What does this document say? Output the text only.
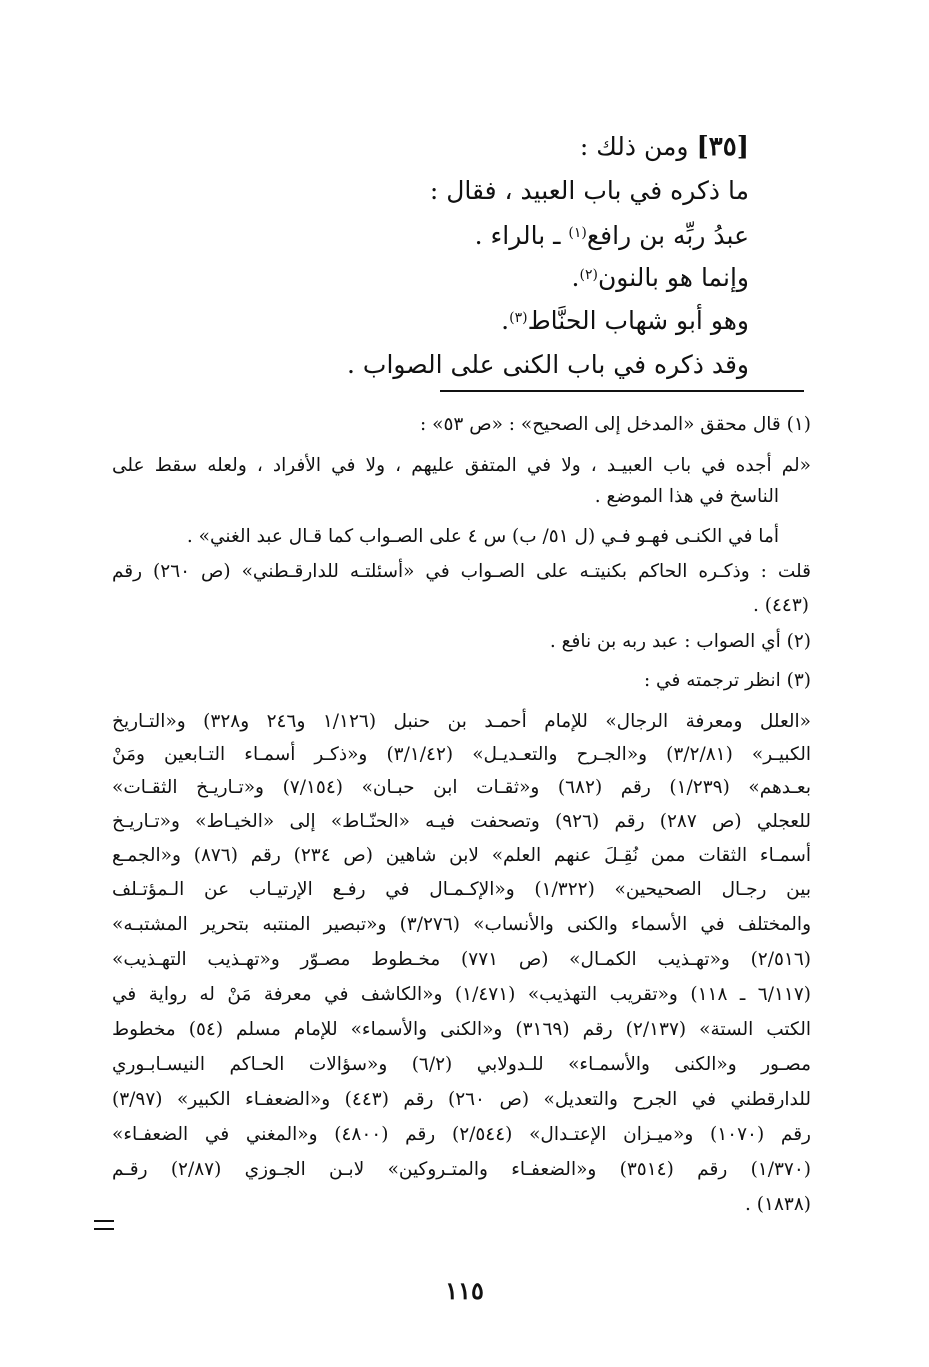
[٣٥] ومن ذلك :
ما ذكره في باب العبيد ، فقال :
عبدُ ربِّه بن رافع$^{(١)}$ ـ بالراء .
وإنما هو بالنون$^{(٢)}$.
وهو أبو شهاب الحنَّاط$^{(٣)}$.
وقد ذكره في باب الكنى على الصواب .
(١) قال محقق «المدخل إلى الصحيح» : «ص ٥٣» :
«لم أجده في باب العبيـد ، ولا في المتفق عليهم ، ولا في الأفراد ، ولعله سقط على
الناسخ في هذا الموضع .
أما في الكنـى فهـو فـي (ل ٥١/ ب) س ٤ على الصـواب كما قـال عبد الغني» .
قلت : وذكـره الحاكم بكنيتـه على الصـواب في «أسئلتـه للدارقـطني» (ص ٢٦٠) رقم
(٤٤٣) .
(٢) أي الصواب : عبد ربه بن نافع .
(٣) انظر ترجمته في :
«العلل ومعرفة الرجال» للإمام أحمـد بن حنبل (١/١٢٦ و٢٤٦ و٣٢٨) و«التـاريخ
الكبيـر» (٣/٢/٨١) و«الجـرح والتعـديـل» (٣/١/٤٢) و«ذكـر أسمـاء التـابعين ومَنْ
بعـدهم» (١/٢٣٩) رقم (٦٨٢) و«ثقـات ابن حبـان» (٧/١٥٤) و«تـاريـخ الثقـات»
للعجلي (ص ٢٨٧) رقم (٩٢٦) وتصحفت فيـه «الحنّـاط» إلى «الخيـاط» و«تـاريـخ
أسمـاء الثقات ممن نُقِـلَ عنهم العلم» لابن شاهين (ص ٢٣٤) رقم (٨٧٦) و«الجمـع
بين رجـال الصحيحين» (١/٣٢٢) و«الإكـمـال في رفـع الإرتيـاب عن الـمؤتـلف
والمختلف في الأسماء والكنى والأنساب» (٣/٢٧٦) و«تبصير المنتبه بتحرير المشتبـه»
(٢/٥١٦) و«تهـذيب الكمـال» (ص ٧٧١) مخـطوط مصـوّر و«تهـذيب التهـذيب»
(٦/١١٧ ـ ١١٨) و«تقريب التهذيب» (١/٤٧١) و«الكاشف في معرفة مَنْ له رواية في
الكتب الستة» (٢/١٣٧) رقم (٣١٦٩) و«الكنى والأسماء» للإمام مسلم (٥٤) مخطوط
مصـور و«الكنى والأسمـاء» للـدولابي (٦/٢) و«سؤالات الحـاكم النيسـابـوري
للدارقطني في الجرح والتعديل» (ص ٢٦٠) رقم (٤٤٣) و«الضعفـاء الكبير» (٣/٩٧)
رقم (١٠٧٠) و«ميـزان الإعتـدال» (٢/٥٤٤) رقم (٤٨٠٠) و«المغني في الضعفـاء»
(١/٣٧٠) رقم (٣٥١٤) و«الضعفـاء والمتـروكين» لابـن الجـوزي (٢/٨٧) رقـم
(١٨٣٨) .
١١٥
